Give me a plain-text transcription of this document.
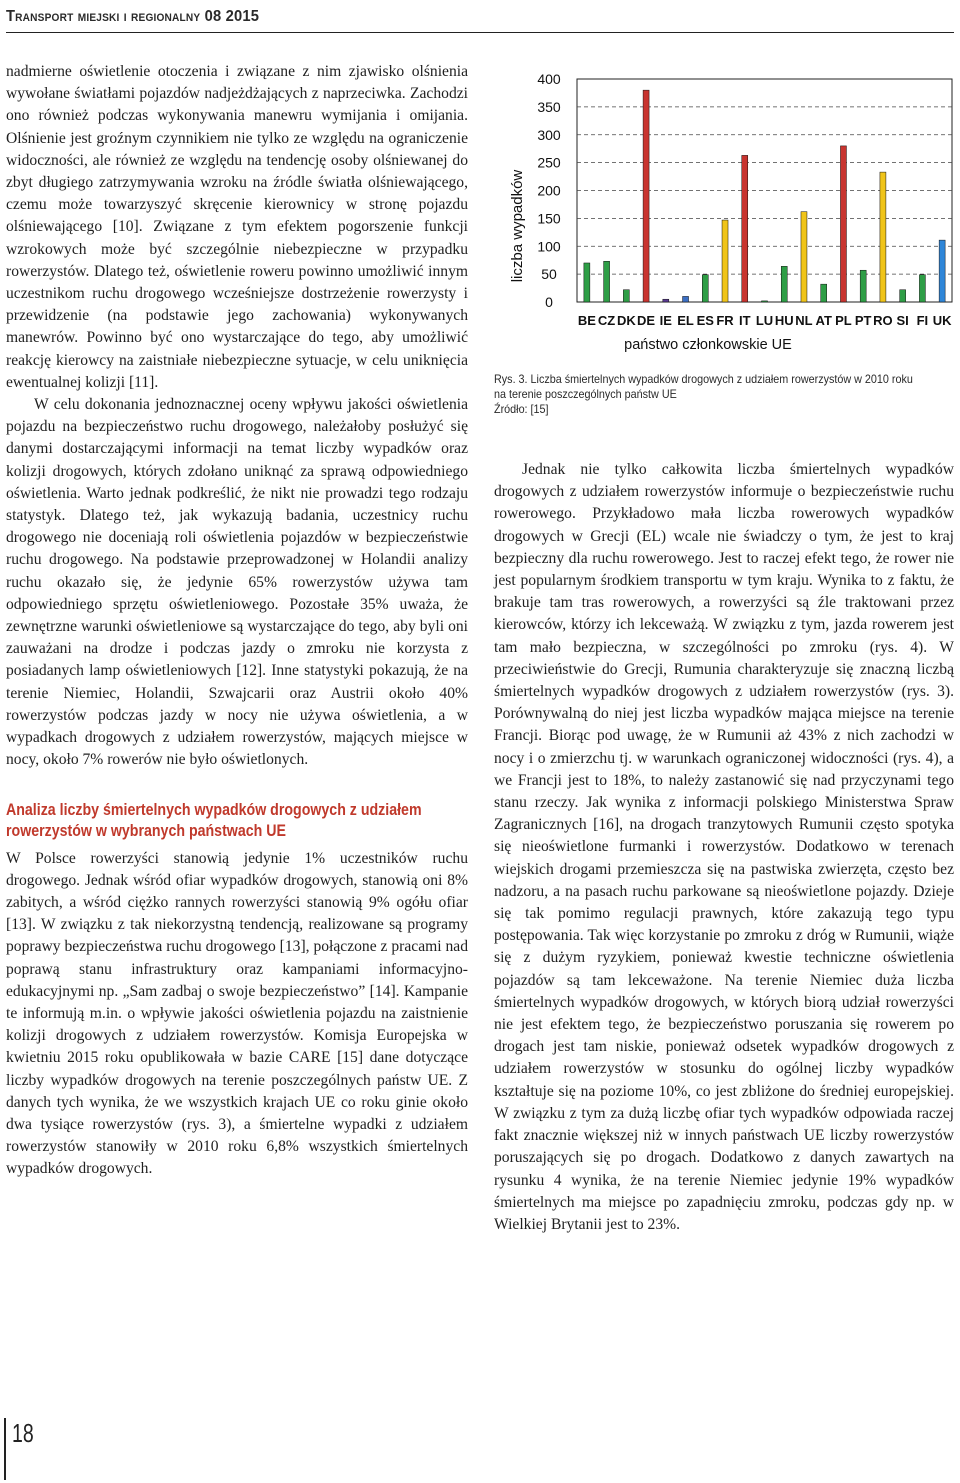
Transport miejski i regionalny 08 2015

nadmierne oświetlenie otoczenia i związane z nim zjawisko olśnienia wywołane światłami pojazdów nadjeżdżających z naprzeciwka. Zachodzi ono również podczas wykonywania manewru wymijania i omijania. Olśnienie jest groźnym czynnikiem nie tylko ze względu na ograniczenie widoczności, ale również ze względu na tendencję osoby olśniewanej do zbyt długiego zatrzymywania wzroku na źródle światła olśniewającego, czemu może towarzyszyć skręcenie kierownicy w stronę pojazdu olśniewającego [10]. Związane z tym efektem pogorszenie funkcji wzrokowych może być szczególnie niebezpieczne w przypadku rowerzystów. Dlatego też, oświetlenie roweru powinno umożliwić innym uczestnikom ruchu drogowego wcześniejsze dostrzeżenie rowerzysty i przewidzenie (na podstawie jego zachowania) wykonywanych manewrów. Powinno być ono wystarczające do tego, aby umożliwić reakcję kierowcy na zaistniałe niebezpieczne sytuacje, w celu uniknięcia ewentualnej kolizji [11].

W celu dokonania jednoznacznej oceny wpływu jakości oświetlenia pojazdu na bezpieczeństwo ruchu drogowego, należałoby posłużyć się danymi dostarczającymi informacji na temat liczby wypadków oraz kolizji drogowych, których zdołano uniknąć za sprawą odpowiedniego oświetlenia. Warto jednak podkreślić, że nikt nie prowadzi tego rodzaju statystyk. Dlatego też, jak wykazują badania, uczestnicy ruchu drogowego nie doceniają roli oświetlenia pojazdów w bezpieczeństwie ruchu drogowego. Na podstawie przeprowadzonej w Holandii analizy ruchu okazało się, że jedynie 65% rowerzystów używa tam odpowiedniego sprzętu oświetleniowego. Pozostałe 35% uważa, że zewnętrzne warunki oświetleniowe są wystarczające do tego, aby byli oni zauważani na drodze i podczas jazdy o zmroku nie korzysta z posiadanych lamp oświetleniowych [12]. Inne statystyki pokazują, że na terenie Niemiec, Holandii, Szwajcarii oraz Austrii około 40% rowerzystów podczas jazdy w nocy nie używa oświetlenia, a w wypadkach drogowych z udziałem rowerzystów, mających miejsce w nocy, około 7% rowerów nie było oświetlonych.

Analiza liczby śmiertelnych wypadków drogowych z udziałem rowerzystów w wybranych państwach UE

W Polsce rowerzyści stanowią jedynie 1% uczestników ruchu drogowego. Jednak wśród ofiar wypadków drogowych, stanowią oni 8% zabitych, a wśród ciężko rannych rowerzyści stanowią 9% ogółu ofiar [13]. W związku z tak niekorzystną tendencją, realizowane są programy poprawy bezpieczeństwa ruchu drogowego [13], połączone z pracami nad poprawą stanu infrastruktury oraz kampaniami informacyjno-edukacyjnymi np. „Sam zadbaj o swoje bezpieczeństwo” [14]. Kampanie te informują m.in. o wpływie jakości oświetlenia pojazdu na zaistnienie kolizji drogowych z udziałem rowerzystów. Komisja Europejska w kwietniu 2015 roku opublikowała w bazie CARE [15] dane dotyczące liczby wypadków drogowych na terenie poszczególnych państw UE. Z danych tych wynika, że we wszystkich krajach UE co roku ginie około dwa tysiące rowerzystów (rys. 3), a śmiertelne wypadki z udziałem rowerzystów stanowiły w 2010 roku 6,8% wszystkich śmiertelnych wypadków drogowych.

0
50
100
150
200
250
300
350
400
BE CZ DK DE IE EL ES FR IT LU HU NL AT PL PT RO SI FI UK
liczba wypadków
państwo członkowskie UE
Rys. 3. Liczba śmiertelnych wypadków drogowych z udziałem rowerzystów w 2010 roku na terenie poszczególnych państw UE
Źródło: [15]

Jednak nie tylko całkowita liczba śmiertelnych wypadków drogowych z udziałem rowerzystów informuje o bezpieczeństwie ruchu rowerowego. Przykładowo mała liczba rowerowych wypadków drogowych w Grecji (EL) wcale nie świadczy o tym, że jest to kraj bezpieczny dla ruchu rowerowego. Jest to raczej efekt tego, że rower nie jest popularnym środkiem transportu w tym kraju. Wynika to z faktu, że brakuje tam tras rowerowych, a rowerzyści są źle traktowani przez kierowców, którzy ich lekceważą. W związku z tym, jazda rowerem jest tam mało bezpieczna, w szczególności po zmroku (rys. 4). W przeciwieństwie do Grecji, Rumunia charakteryzuje się znaczną liczbą śmiertelnych wypadków drogowych z udziałem rowerzystów (rys. 3). Porównywalną do niej jest liczba wypadków mająca miejsce na terenie Francji. Biorąc pod uwagę, że w Rumunii aż 43% z nich zachodzi w nocy i o zmierzchu tj. w warunkach ograniczonej widoczności (rys. 4), a we Francji jest to 18%, to należy zastanowić się nad przyczynami tego stanu rzeczy. Jak wynika z informacji polskiego Ministerstwa Spraw Zagranicznych [16], na drogach tranzytowych Rumunii często spotyka się nieoświetlone furmanki i rowerzystów. Dodatkowo w terenach wiejskich drogami przemieszcza się na pastwiska zwierzęta, często bez nadzoru, a na pasach ruchu parkowane są nieoświetlone pojazdy. Dzieje się tak pomimo regulacji prawnych, które zakazują tego typu postępowania. Tak więc korzystanie po zmroku z dróg w Rumunii, wiąże się z dużym ryzykiem, ponieważ kwestie techniczne oświetlenia pojazdów są tam lekceważone. Na terenie Niemiec duża liczba śmiertelnych wypadków drogowych, w których biorą udział rowerzyści nie jest efektem tego, że bezpieczeństwo poruszania się rowerem po drogach jest tam niskie, ponieważ odsetek wypadków drogowych z udziałem rowerzystów w stosunku do ogólnej liczby wypadków kształtuje się na poziome 10%, co jest zbliżone do średniej europejskiej. W związku z tym za dużą liczbę ofiar tych wypadków odpowiada raczej fakt znacznie większej niż w innych państwach UE liczby rowerzystów poruszających się po drogach. Dodatkowo z danych zawartych na rysunku 4 wynika, że na terenie Niemiec jedynie 19% wypadków śmiertelnych ma miejsce po zapadnięciu zmroku, podczas gdy np. w Wielkiej Brytanii jest to 23%.

18
